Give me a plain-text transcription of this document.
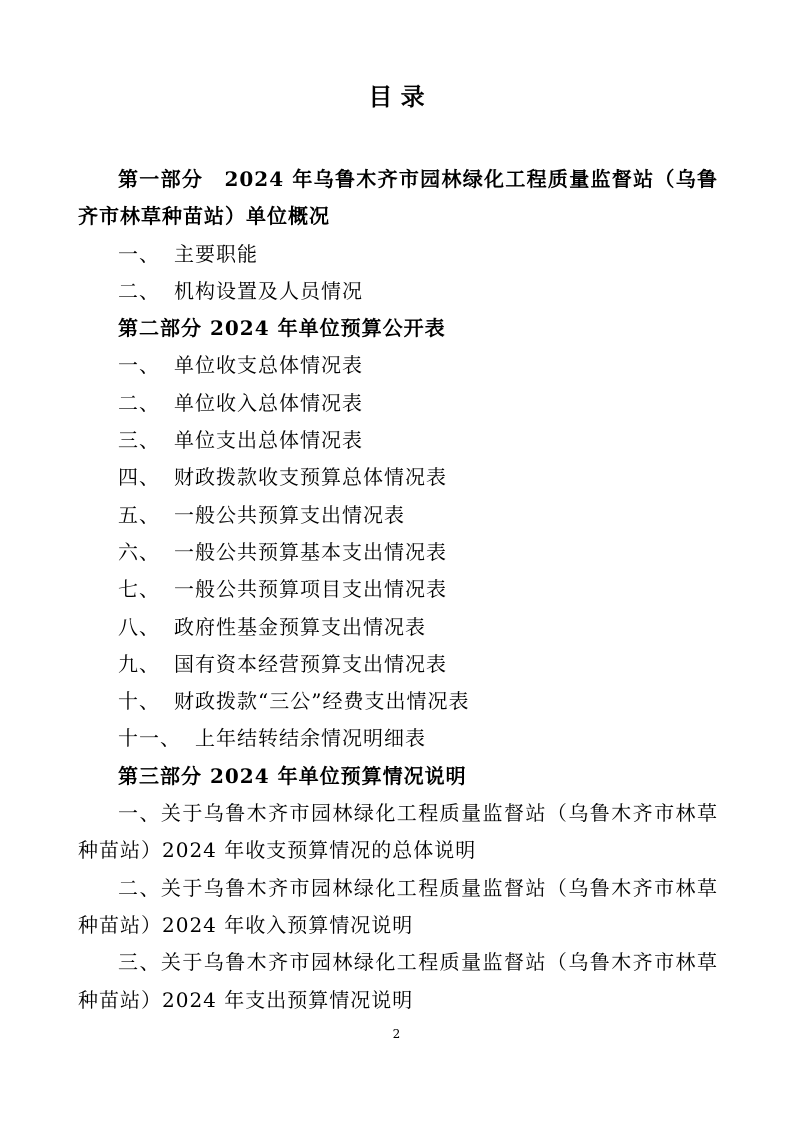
目 录
第一部分　2024 年乌鲁木齐市园林绿化工程质量监督站（乌鲁
齐市林草种苗站）单位概况
一、 主要职能
二、 机构设置及人员情况
第二部分 2024 年单位预算公开表
一、 单位收支总体情况表
二、 单位收入总体情况表
三、 单位支出总体情况表
四、 财政拨款收支预算总体情况表
五、 一般公共预算支出情况表
六、 一般公共预算基本支出情况表
七、 一般公共预算项目支出情况表
八、 政府性基金预算支出情况表
九、 国有资本经营预算支出情况表
十、 财政拨款“三公”经费支出情况表
十一、 上年结转结余情况明细表
第三部分 2024 年单位预算情况说明
一、关于乌鲁木齐市园林绿化工程质量监督站（乌鲁木齐市林草
种苗站）2024 年收支预算情况的总体说明
二、关于乌鲁木齐市园林绿化工程质量监督站（乌鲁木齐市林草
种苗站）2024 年收入预算情况说明
三、关于乌鲁木齐市园林绿化工程质量监督站（乌鲁木齐市林草
种苗站）2024 年支出预算情况说明
2
